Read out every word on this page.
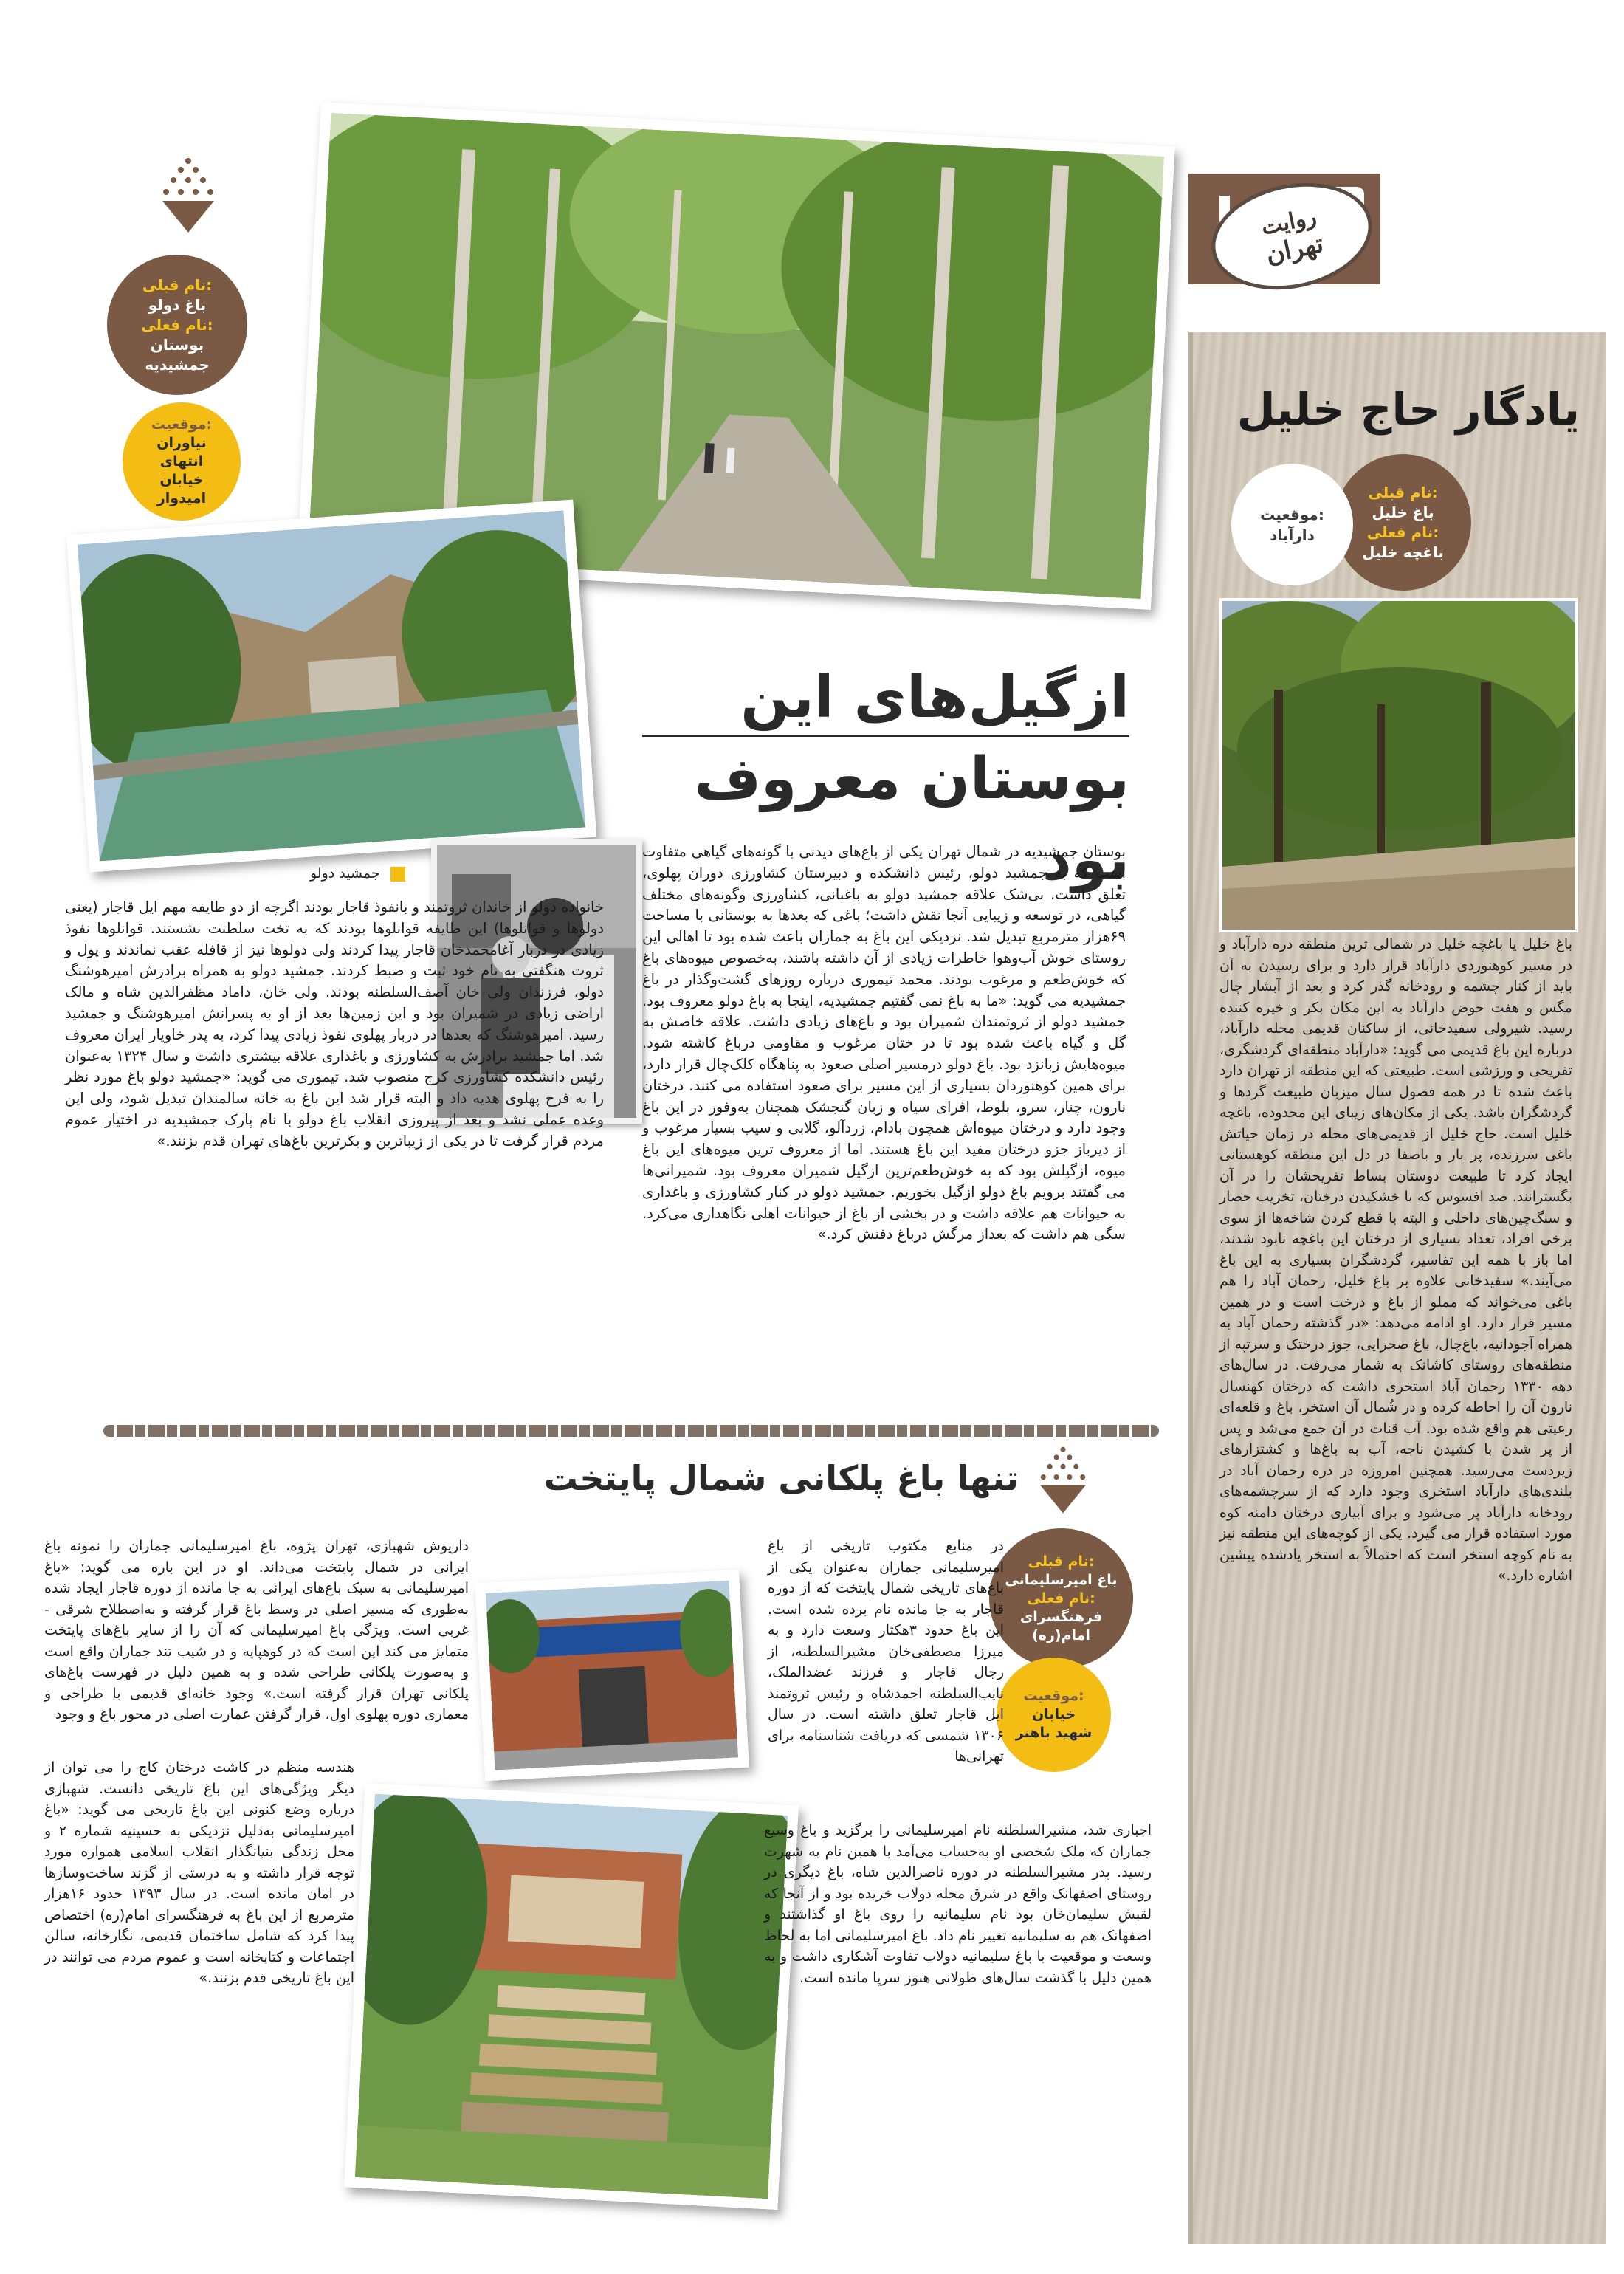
روایت
تهران
یادگار حاج خلیل
نام قبلی:
باغ خلیل
نام فعلی:
باغچه خلیل
موقعیت:
دارآباد
باغ خلیل یا باغچه خلیل در شمالی ترین منطقه دره دارآباد و در مسیر کوهنوردی دارآباد قرار دارد و برای رسیدن به آن باید از کنار چشمه و رودخانه گذر کرد و بعد از آبشار چال مگس و هفت حوض دارآباد به این مکان بکر و خیره کننده رسید. شیرولی سفیدخانی، از ساکنان قدیمی محله دارآباد، درباره این باغ قدیمی می گوید: «دارآباد منطقه‌ای گردشگری، تفریحی و ورزشی است. طبیعتی که این منطقه از تهران دارد باعث شده تا در همه فصول سال میزبان طبیعت گردها و گردشگران باشد. یکی از مکان‌های زیبای این محدوده، باغچه خلیل است. حاج خلیل از قدیمی‌های محله در زمان حیاتش باغی سرزنده، پر بار و باصفا در دل این منطقه کوهستانی ایجاد کرد تا طبیعت دوستان بساط تفریحشان را در آن بگسترانند. صد افسوس که با خشکیدن درختان، تخریب حصار و سنگ‌چین‌های داخلی و البته با قطع کردن شاخه‌ها از سوی برخی افراد، تعداد بسیاری از درختان این باغچه نابود شدند، اما باز با همه این تفاسیر، گردشگران بسیاری به این باغ می‌آیند.» سفیدخانی علاوه بر باغ خلیل، رحمان آباد را هم باغی می‌خواند که مملو از باغ و درخت است و در همین مسیر قرار دارد. او ادامه می‌دهد: «در گذشته رحمان آباد به همراه آجودانیه، باغ‌چال، باغ صحرایی، جوز درختک و سرتپه از منطقه‌های روستای کاشانک به شمار می‌رفت. در سال‌های دهه ۱۳۳۰ رحمان آباد استخری داشت که درختان کهنسال نارون آن را احاطه کرده و در شُمال آن استخر، باغ و قلعه‌ای رعیتی هم واقع شده بود. آب قنات در آن جمع می‌شد و پس از پر شدن با کشیدن ناجه، آب به باغ‌ها و کشتزارهای زیردست می‌رسید. همچنین امروزه در دره رحمان آباد در بلندی‌های دارآباد استخری وجود دارد که از سرچشمه‌های رودخانه دارآباد پر می‌شود و برای آبیاری درختان دامنه کوه مورد استفاده قرار می گیرد. یکی از کوچه‌های این منطقه نیز به نام کوچه استخر است که احتمالاً به استخر یادشده پیشین اشاره دارد.»
نام قبلی:
باغ دولو
نام فعلی:
بوستان جمشیدیه
موقعیت:
نیاوران انتهای خیابان امیدوار
ازگیل‌های این
بوستان معروف بود
جمشید دولو
بوستان جمشیدیه در شمال تهران یکی از باغ‌های دیدنی با گونه‌های گیاهی متفاوت است که به جمشید دولو، رئیس دانشکده و دبیرستان کشاورزی دوران پهلوی، تعلق داشت. بی‌شک علاقه جمشید دولو به باغبانی، کشاورزی وگونه‌های مختلف گیاهی، در توسعه و زیبایی آنجا نقش داشت؛ باغی که بعدها به بوستانی با مساحت ۶۹هزار مترمربع تبدیل شد. نزدیکی این باغ به جماران باعث شده بود تا اهالی این روستای خوش آب‌وهوا خاطرات زیادی از آن داشته باشند، به‌خصوص میوه‌های باغ که خوش‌طعم و مرغوب بودند. محمد تیموری درباره روزهای گشت‌وگذار در باغ جمشیدیه می گوید: «ما به باغ نمی گفتیم جمشیدیه، اینجا به باغ دولو معروف بود. جمشید دولو از ثروتمندان شمیران بود و باغ‌های زیادی داشت. علاقه خاصش به گل و گیاه باعث شده بود تا در ختان مرغوب و مقاومی درباغ کاشته شود. میوه‌هایش زبانزد بود. باغ دولو درمسیر اصلی صعود به پناهگاه کلک‌چال قرار دارد، برای همین کوهنوردان بسیاری از این مسیر برای صعود استفاده می کنند. درختان نارون، چنار، سرو، بلوط، افرای سیاه و زبان گنجشک همچنان به‌وفور در این باغ وجود دارد و درختان میوه‌اش همچون بادام، زردآلو، گلابی و سیب بسیار مرغوب و از دیرباز جزو درختان مفید این باغ هستند. اما از معروف ترین میوه‌های این باغ میوه، ازگیلش بود که به خوش‌طعم‌ترین ازگیل شمیران معروف بود. شمیرانی‌ها می گفتند برویم باغ دولو ازگیل بخوریم. جمشید دولو در کنار کشاورزی و باغداری به حیوانات هم علاقه داشت و در بخشی از باغ از حیوانات اهلی نگاهداری می‌کرد. سگی هم داشت که بعداز مرگش درباغ دفنش کرد.»
خانواده دولو از خاندان ثروتمند و بانفوذ قاجار بودند اگرچه از دو طایفه مهم ایل قاجار (یعنی دولوها و قوانلوها) این طایفه قوانلوها بودند که به تخت سلطنت نشستند. قوانلوها نفوذ زیادی در دربار آغامحمدخان قاجار پیدا کردند ولی دولوها نیز از قافله عقب نماندند و پول و ثروت هنگفتی به نام خود ثبت و ضبط کردند. جمشید دولو به همراه برادرش امیرهوشنگ دولو، فرزندان ولی خان آصف‌السلطنه بودند. ولی خان، داماد مظفرالدین شاه و مالک اراضی زیادی در شمیران بود و این زمین‌ها بعد از او به پسرانش امیرهوشنگ و جمشید رسید. امیرهوشنگ که بعدها در دربار پهلوی نفوذ زیادی پیدا کرد، به پدر خاویار ایران معروف شد. اما جمشید برادرش به کشاورزی و باغداری علاقه بیشتری داشت و سال ۱۳۲۴ به‌عنوان رئیس دانشکده کشاورزی کرج منصوب شد. تیموری می گوید: «جمشید دولو باغ مورد نظر را به فرح پهلوی هدیه داد و البته قرار شد این باغ به خانه سالمندان تبدیل شود، ولی این وعده عملی نشد و بعد از پیروزی انقلاب باغ دولو با نام پارک جمشیدیه در اختیار عموم مردم قرار گرفت تا در یکی از زیباترین و بکرترین باغ‌های تهران قدم بزنند.»
تنها باغ پلکانی شمال پایتخت
نام قبلی:
باغ امیرسلیمانی
نام فعلی:
فرهنگسرای امام(ره)
موقعیت:
خیابان شهید باهنر
در منابع مکتوب تاریخی از باغ امیرسلیمانی جماران به‌عنوان یکی از باغ‌های تاریخی شمال پایتخت که از دوره قاجار به جا مانده نام برده شده است. این باغ حدود ۳هکتار وسعت دارد و به میرزا مصطفی‌خان مشیرالسلطنه، از رجال قاجار و فرزند عضدالملک، نایب‌السلطنه احمدشاه و رئیس ثروتمند ایل قاجار تعلق داشته است. در سال ۱۳۰۶ شمسی که دریافت شناسنامه برای تهرانی‌ها
اجباری شد، مشیرالسلطنه نام امیرسلیمانی را برگزید و باغ وسیع جماران که ملک شخصی او به‌حساب می‌آمد با همین نام به شهرت رسید. پدر مشیرالسلطنه در دوره ناصرالدین شاه، باغ دیگری در روستای اصفهانک واقع در شرق محله دولاب خریده بود و از آنجا که لقبش سلیمان‌خان بود نام سلیمانیه را روی باغ او گذاشتند و اصفهانک هم به سلیمانیه تغییر نام داد. باغ امیرسلیمانی اما به لحاظ وسعت و موقعیت با باغ سلیمانیه دولاب تفاوت آشکاری داشت و به همین دلیل با گذشت سال‌های طولانی هنوز سرپا مانده است.
داریوش شهبازی، تهران پژوه، باغ امیرسلیمانی جماران را نمونه باغ ایرانی در شمال پایتخت می‌داند. او در این باره می گوید: «باغ امیرسلیمانی به سبک باغ‌های ایرانی به جا مانده از دوره قاجار ایجاد شده به‌طوری که مسیر اصلی در وسط باغ قرار گرفته و به‌اصطلاح شرقی - غربی است. ویژگی باغ امیرسلیمانی که آن را از سایر باغ‌های پایتخت متمایز می کند این است که در کوهپایه و در شیب تند جماران واقع است و به‌صورت پلکانی طراحی شده و به همین دلیل در فهرست باغ‌های پلکانی تهران قرار گرفته است.» وجود خانه‌ای قدیمی با طراحی و معماری دوره پهلوی اول، قرار گرفتن عمارت اصلی در محور باغ و وجود
هندسه منظم در کاشت درختان کاج را می توان از دیگر ویژگی‌های این باغ تاریخی دانست. شهبازی درباره وضع کنونی این باغ تاریخی می گوید: «باغ امیرسلیمانی به‌دلیل نزدیکی به حسینیه شماره ۲ و محل زندگی بنیانگذار انقلاب اسلامی همواره مورد توجه قرار داشته و به درستی از گزند ساخت‌وسازها در امان مانده است. در سال ۱۳۹۳ حدود ۱۶هزار مترمربع از این باغ به فرهنگسرای امام(ره) اختصاص پیدا کرد که شامل ساختمان قدیمی، نگارخانه، سالن اجتماعات و کتابخانه است و عموم مردم می توانند در این باغ تاریخی قدم بزنند.»
